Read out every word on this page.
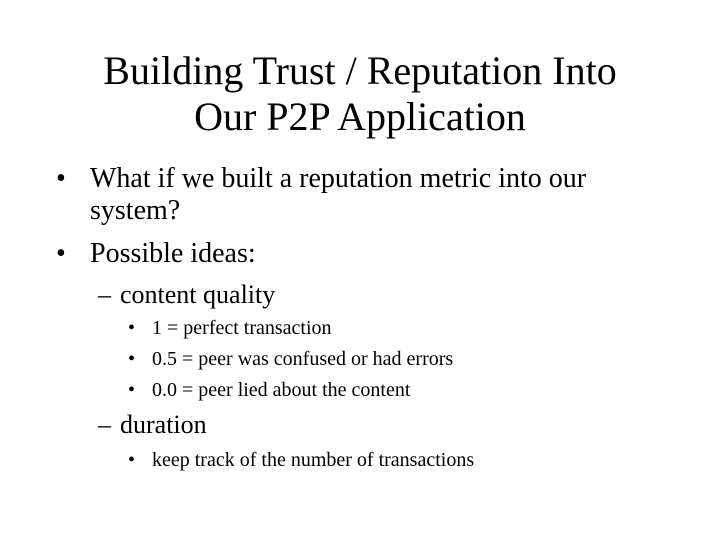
Building Trust / Reputation Into
Our P2P Application
• What if we built a reputation metric into our system?
• Possible ideas:
– content quality
• 1 = perfect transaction
• 0.5 = peer was confused or had errors
• 0.0 = peer lied about the content
– duration
• keep track of the number of transactions
